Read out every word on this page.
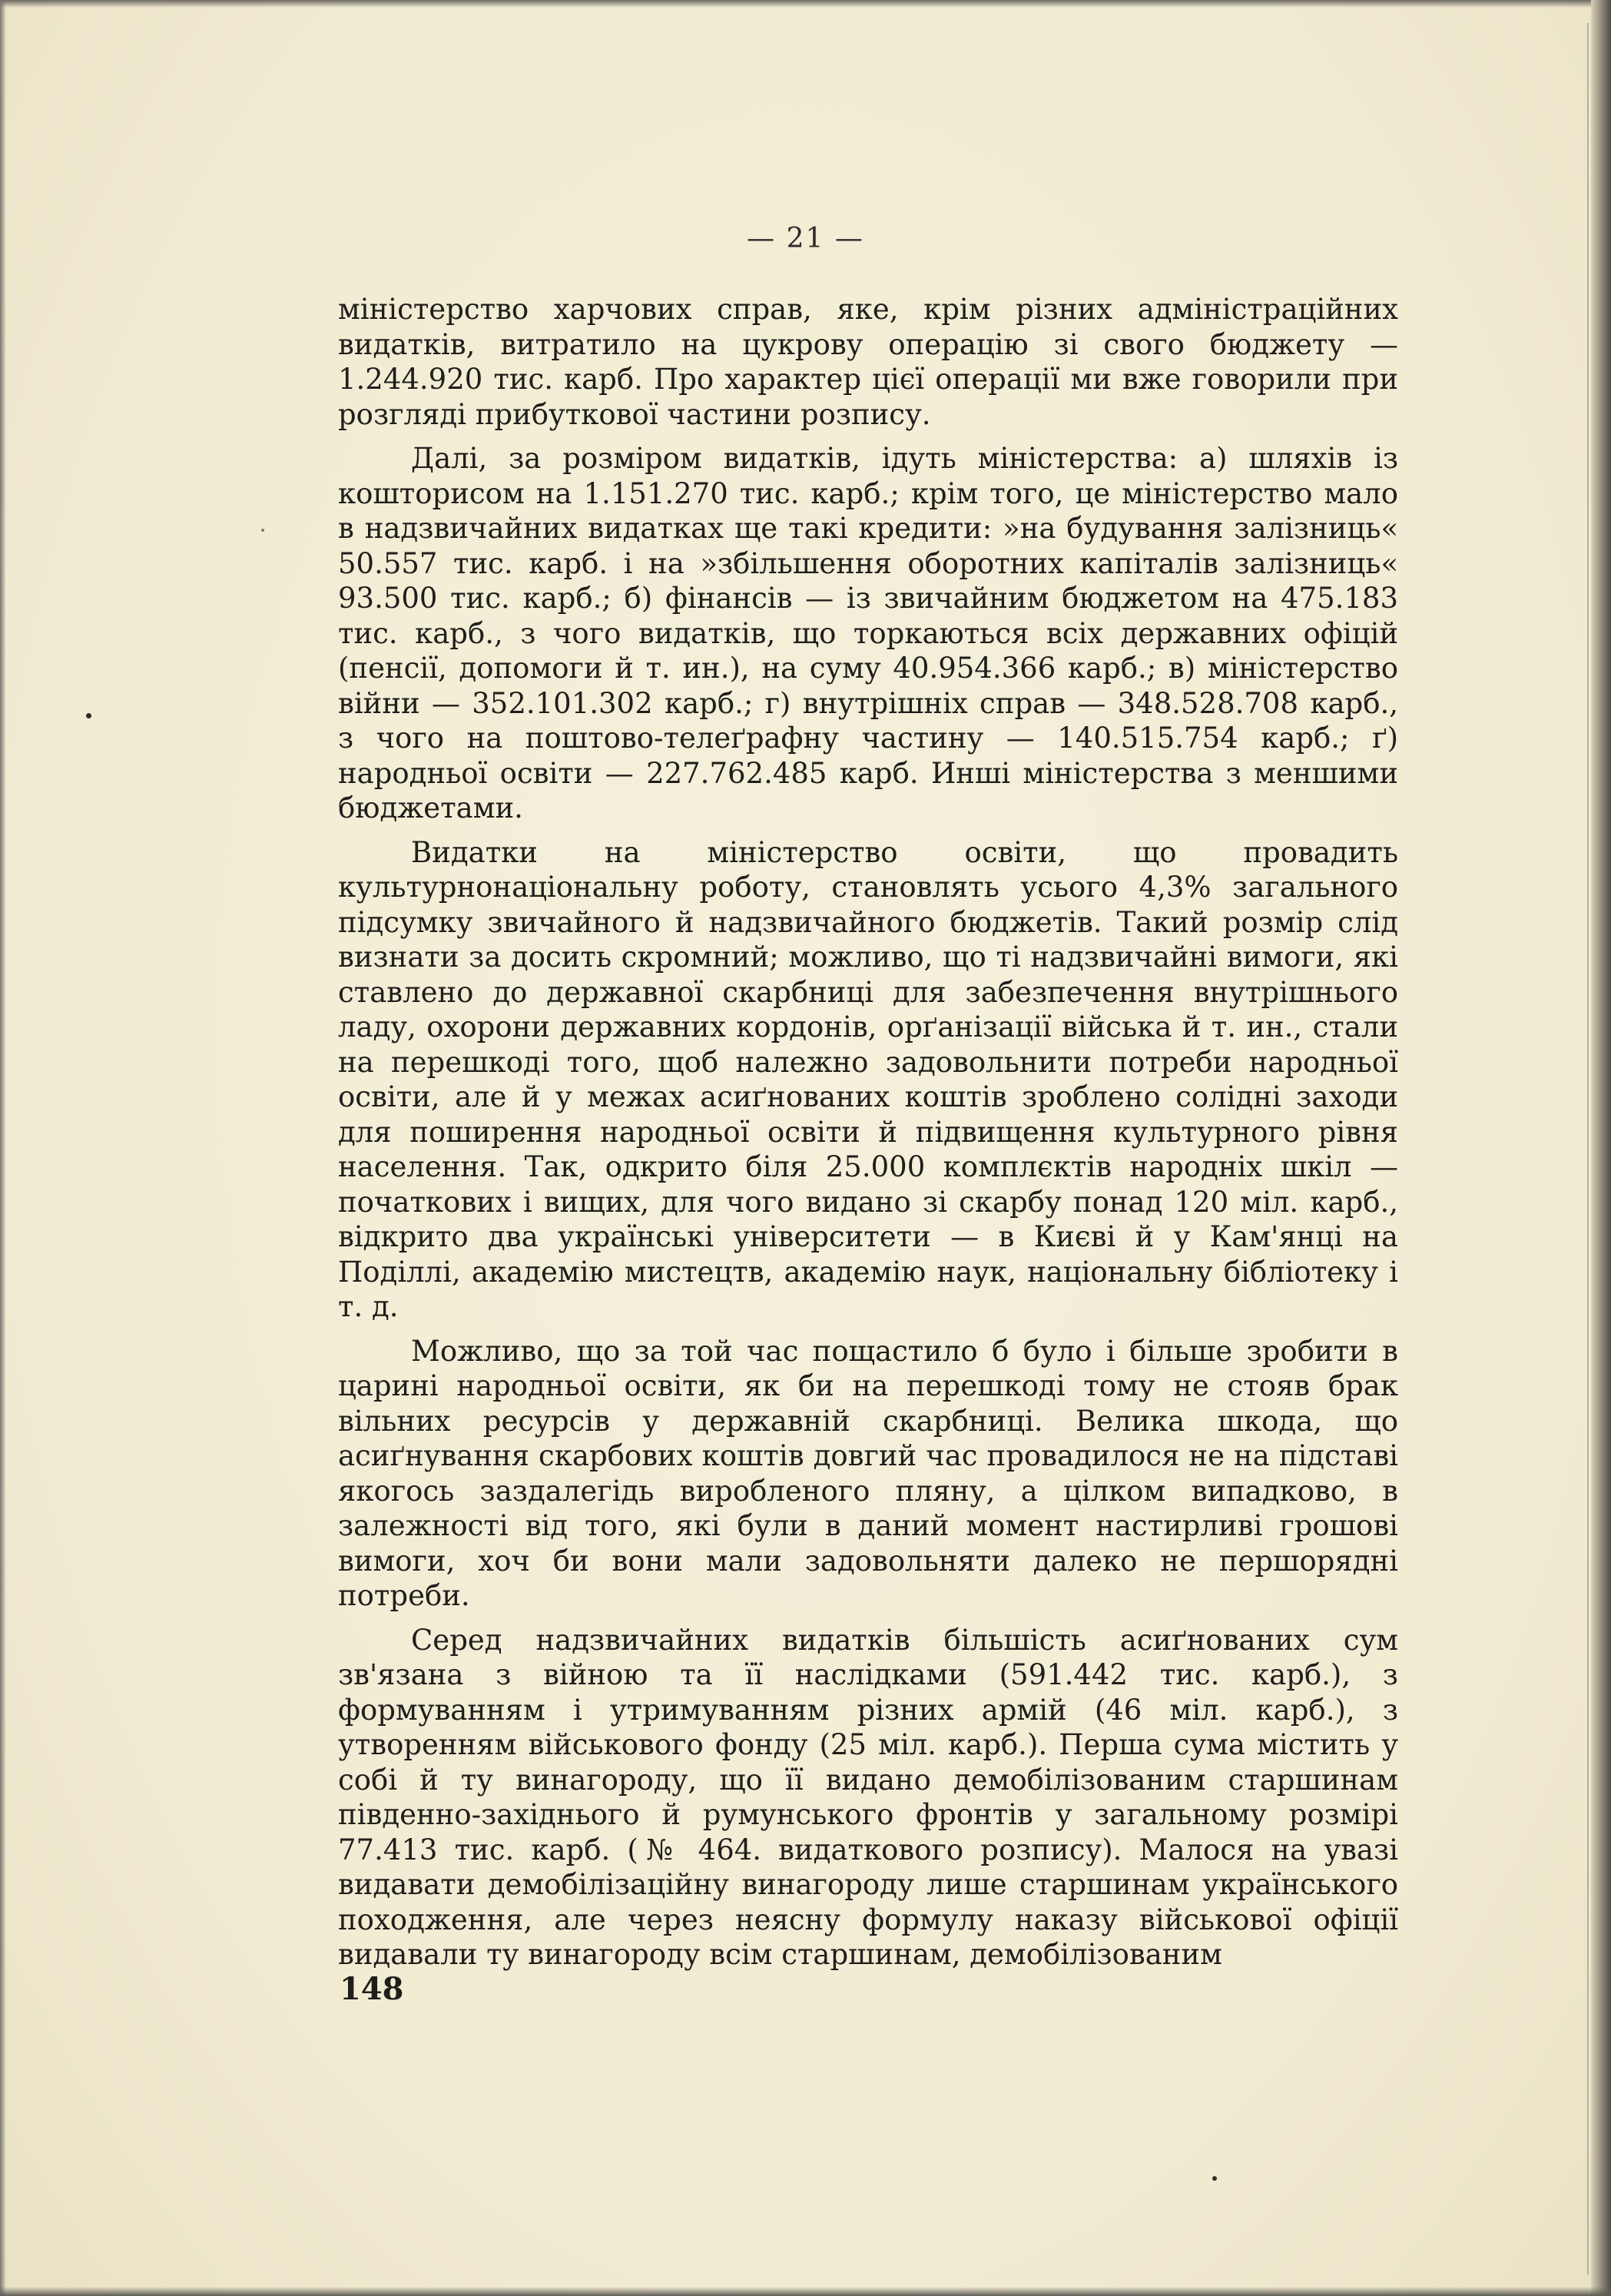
— 21 —

міністерство харчових справ, яке, крім різних адміністраційних видатків, витратило на цукрову операцію зі свого бюджету — 1.244.920 тис. карб. Про характер цієї операції ми вже говорили при розгляді прибуткової частини розпису.

Далі, за розміром видатків, ідуть міністерства: а) шляхів із кошторисом на 1.151.270 тис. карб.; крім того, це міністерство мало в надзвичайних видатках ще такі кредити: »на будування залізниць« 50.557 тис. карб. і на »збільшення оборотних капіталів залізниць« 93.500 тис. карб.; б) фінансів — із звичайним бюджетом на 475.183 тис. карб., з чого видатків, що торкаються всіх державних офіцій (пенсії, допомоги й т. ин.), на суму 40.954.366 карб.; в) міністерство війни — 352.101.302 карб.; г) внутрішніх справ — 348.528.708 карб., з чого на поштово-телеґрафну частину — 140.515.754 карб.; ґ) народньої освіти — 227.762.485 карб. Инші міністерства з меншими бюджетами.

Видатки на міністерство освіти, що провадить культурнонаціональну роботу, становлять усього 4,3% загального підсумку звичайного й надзвичайного бюджетів. Такий розмір слід визнати за досить скромний; можливо, що ті надзвичайні вимоги, які ставлено до державної скарбниці для забезпечення внутрішнього ладу, охорони державних кордонів, орґанізації війська й т. ин., стали на перешкоді того, щоб належно задовольнити потреби народньої освіти, але й у межах асиґнованих коштів зроблено солідні заходи для поширення народньої освіти й підвищення культурного рівня населення. Так, одкрито біля 25.000 комплєктів народніх шкіл — початкових і вищих, для чого видано зі скарбу понад 120 міл. карб., відкрито два українські університети — в Києві й у Кам'янці на Поділлі, академію мистецтв, академію наук, національну бібліотеку і т. д.

Можливо, що за той час пощастило б було і більше зробити в царині народньої освіти, як би на перешкоді тому не стояв брак вільних ресурсів у державній скарбниці. Велика шкода, що асиґнування скарбових коштів довгий час провадилося не на підставі якогось заздалегідь виробленого пляну, а цілком випадково, в залежності від того, які були в даний момент настирливі грошові вимоги, хоч би вони мали задовольняти далеко не першорядні потреби.

Серед надзвичайних видатків більшість асиґнованих сум зв'язана з війною та її наслідками (591.442 тис. карб.), з формуванням і утримуванням різних армій (46 міл. карб.), з утворенням військового фонду (25 міл. карб.). Перша сума містить у собі й ту винагороду, що її видано демобілізованим старшинам південно-західнього й румунського фронтів у загальному розмірі 77.413 тис. карб. (№ 464. видаткового розпису). Малося на увазі видавати демобілізаційну винагороду лише старшинам українського походження, але через неясну формулу наказу військової офіції видавали ту винагороду всім старшинам, демобілізованим

148
